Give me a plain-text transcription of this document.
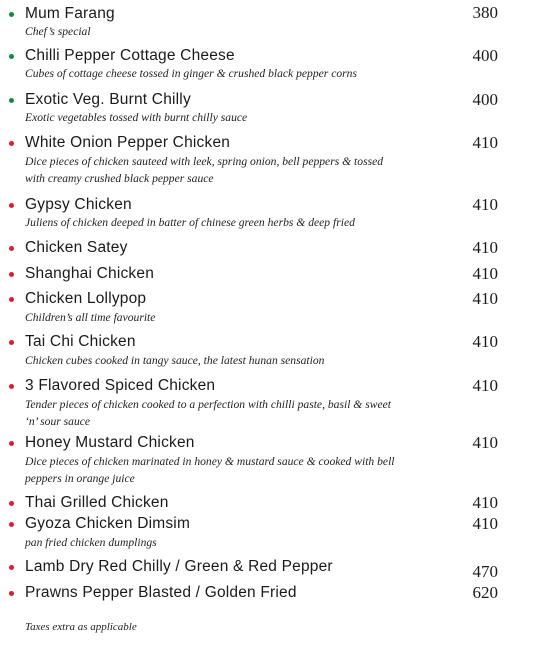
Mum Farang	380
Chef’s special
Chilli Pepper Cottage Cheese	400
Cubes of cottage cheese tossed in ginger & crushed black pepper corns
Exotic Veg. Burnt Chilly	400
Exotic vegetables tossed with burnt chilly sauce
White Onion Pepper Chicken	410
Dice pieces of chicken sauteed with leek, spring onion, bell peppers & tossed with creamy crushed black pepper sauce
Gypsy Chicken	410
Juliens of chicken deeped in batter of chinese green herbs & deep fried
Chicken Satey	410
Shanghai Chicken	410
Chicken Lollypop	410
Children’s all time favourite
Tai Chi Chicken	410
Chicken cubes cooked in tangy sauce, the latest hunan sensation
3 Flavored Spiced Chicken	410
Tender pieces of chicken cooked to a perfection with chilli paste, basil & sweet ‘n’ sour sauce
Honey Mustard Chicken	410
Dice pieces of chicken marinated in honey & mustard sauce & cooked with bell peppers in orange juice
Thai Grilled Chicken	410
Gyoza Chicken Dimsim	410
pan fried chicken dumplings
Lamb Dry Red Chilly / Green & Red Pepper	470
Prawns Pepper Blasted / Golden Fried	620
Taxes extra as applicable
